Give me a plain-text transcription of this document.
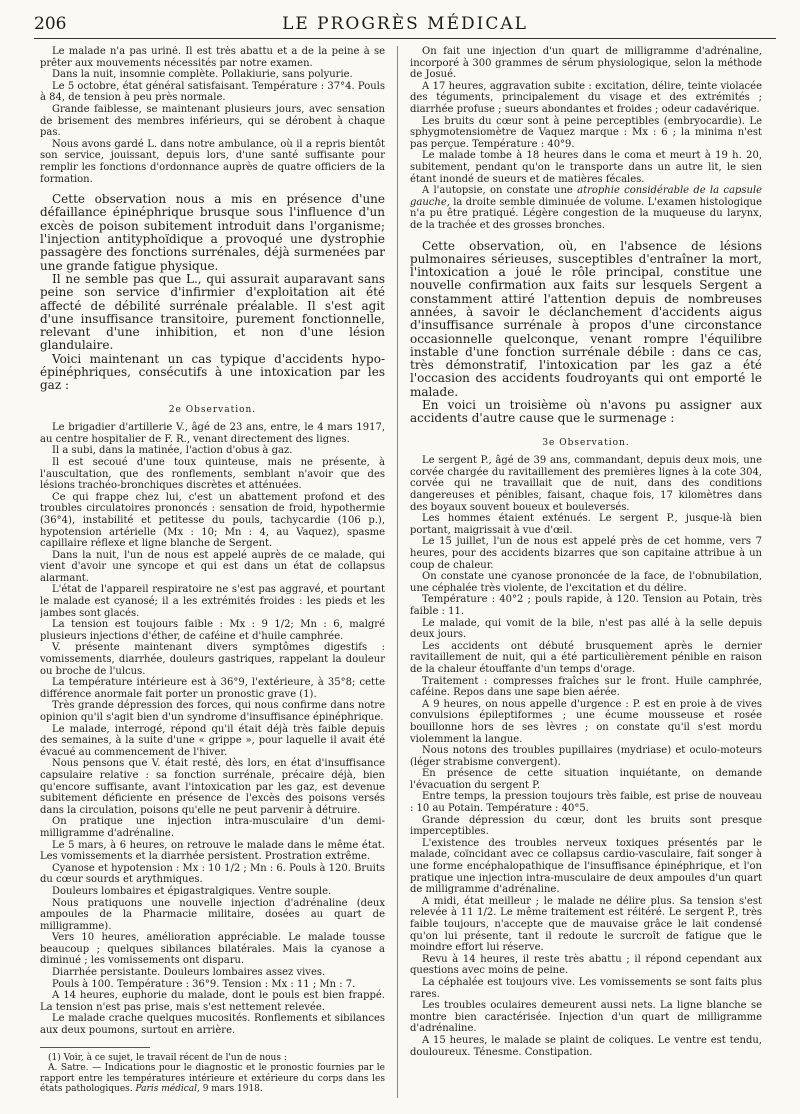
206	LE PROGRÈS MÉDICAL

Le malade n'a pas uriné. Il est très abattu et a de la peine à se prêter aux mouvements nécessités par notre examen.

Dans la nuit, insomnie complète. Pollakiurie, sans polyurie.

Le 5 octobre, état général satisfaisant. Température : 37°4. Pouls à 84, de tension à peu près normale.

Grande faiblesse, se maintenant plusieurs jours, avec sensation de brisement des membres inférieurs, qui se dérobent à chaque pas.

Nous avons gardé L. dans notre ambulance, où il a repris bientôt son service, jouissant, depuis lors, d'une santé suffisante pour remplir les fonctions d'ordonnance auprès de quatre officiers de la formation.

Cette observation nous a mis en présence d'une défaillance épinéphrique brusque sous l'influence d'un excès de poison subitement introduit dans l'organisme; l'injection antityphoïdique a provoqué une dystrophie passagère des fonctions surrénales, déjà surmenées par une grande fatigue physique.

Il ne semble pas que L., qui assurait auparavant sans peine son service d'infirmier d'exploitation ait été affecté de débilité surrénale préalable. Il s'est agit d'une insuffisance transitoire, purement fonctionnelle, relevant d'une inhibition, et non d'une lésion glandulaire.

Voici maintenant un cas typique d'accidents hypo-épinéphriques, consécutifs à une intoxication par les gaz :

2e Observation.

Le brigadier d'artillerie V., âgé de 23 ans, entre, le 4 mars 1917, au centre hospitalier de F. R., venant directement des lignes.

Il a subi, dans la matinée, l'action d'obus à gaz.

Il est secoué d'une toux quinteuse, mais ne présente, à l'auscultation, que des ronflements, semblant n'avoir que des lésions trachéo-bronchiques discrètes et atténuées.

Ce qui frappe chez lui, c'est un abattement profond et des troubles circulatoires prononcés : sensation de froid, hypothermie (36°4), instabilité et petitesse du pouls, tachycardie (106 p.), hypotension artérielle (Mx : 10; Mn : 4, au Vaquez), spasme capillaire réflexe et ligne blanche de Sergent.

Dans la nuit, l'un de nous est appelé auprès de ce malade, qui vient d'avoir une syncope et qui est dans un état de collapsus alarmant.

L'état de l'appareil respiratoire ne s'est pas aggravé, et pourtant le malade est cyanosé; il a les extrémités froides : les pieds et les jambes sont glacés.

La tension est toujours faible : Mx : 9 1/2; Mn : 6, malgré plusieurs injections d'éther, de caféine et d'huile camphrée.

V. présente maintenant divers symptômes digestifs : vomissements, diarrhée, douleurs gastriques, rappelant la douleur ou broche de l'ulcus.

La température intérieure est à 36°9, l'extérieure, à 35°8; cette différence anormale fait porter un pronostic grave (1).

Très grande dépression des forces, qui nous confirme dans notre opinion qu'il s'agit bien d'un syndrome d'insuffisance épinéphrique.

Le malade, interrogé, répond qu'il était déjà très faible depuis des semaines, à la suite d'une « grippe », pour laquelle il avait été évacué au commencement de l'hiver.

Nous pensons que V. était resté, dès lors, en état d'insuffisance capsulaire relative : sa fonction surrénale, précaire déjà, bien qu'encore suffisante, avant l'intoxication par les gaz, est devenue subitement déficiente en présence de l'excès des poisons versés dans la circulation, poisons qu'elle ne peut parvenir à détruire.

On pratique une injection intra-musculaire d'un demi-milligramme d'adrénaline.

Le 5 mars, à 6 heures, on retrouve le malade dans le même état. Les vomissements et la diarrhée persistent. Prostration extrême.

Cyanose et hypotension : Mx : 10 1/2 ; Mn : 6. Pouls à 120. Bruits du cœur sourds et arythmiques.

Douleurs lombaires et épigastralgiques. Ventre souple.

Nous pratiquons une nouvelle injection d'adrénaline (deux ampoules de la Pharmacie militaire, dosées au quart de milligramme).

Vers 10 heures, amélioration appréciable. Le malade tousse beaucoup ; quelques sibilances bilatérales. Mais la cyanose a diminué ; les vomissements ont disparu.

Diarrhée persistante. Douleurs lombaires assez vives.

Pouls à 100. Température : 36°9. Tension : Mx : 11 ; Mn : 7.

A 14 heures, euphorie du malade, dont le pouls est bien frappé. La tension n'est pas prise, mais s'est nettement relevée.

Le malade crache quelques mucosités. Ronflements et sibilances aux deux poumons, surtout en arrière.

(1) Voir, à ce sujet, le travail récent de l'un de nous :

A. Satre. — Indications pour le diagnostic et le pronostic fournies par le rapport entre les températures intérieure et extérieure du corps dans les états pathologiques. Paris médical, 9 mars 1918.

On fait une injection d'un quart de milligramme d'adrénaline, incorporé à 300 grammes de sérum physiologique, selon la méthode de Josué.

A 17 heures, aggravation subite : excitation, délire, teinte violacée des téguments, principalement du visage et des extrémités ; diarrhée profuse ; sueurs abondantes et froides ; odeur cadavérique.

Les bruits du cœur sont à peine perceptibles (embryocardie). Le sphygmotensiomètre de Vaquez marque : Mx : 6 ; la minima n'est pas perçue. Température : 40°9.

Le malade tombe à 18 heures dans le coma et meurt à 19 h. 20, subitement, pendant qu'on le transporte dans un autre lit, le sien étant inondé de sueurs et de matières fécales.

A l'autopsie, on constate une atrophie considérable de la capsule gauche, la droite semble diminuée de volume. L'examen histologique n'a pu être pratiqué. Légère congestion de la muqueuse du larynx, de la trachée et des grosses bronches.

Cette observation, où, en l'absence de lésions pulmonaires sérieuses, susceptibles d'entraîner la mort, l'intoxication a joué le rôle principal, constitue une nouvelle confirmation aux faits sur lesquels Sergent a constamment attiré l'attention depuis de nombreuses années, à savoir le déclanchement d'accidents aigus d'insuffisance surrénale à propos d'une circonstance occasionnelle quelconque, venant rompre l'équilibre instable d'une fonction surrénale débile : dans ce cas, très démonstratif, l'intoxication par les gaz a été l'occasion des accidents foudroyants qui ont emporté le malade.

En voici un troisième où n'avons pu assigner aux accidents d'autre cause que le surmenage :

3e Observation.

Le sergent P., âgé de 39 ans, commandant, depuis deux mois, une corvée chargée du ravitaillement des premières lignes à la cote 304, corvée qui ne travaillait que de nuit, dans des conditions dangereuses et pénibles, faisant, chaque fois, 17 kilomètres dans des boyaux souvent boueux et bouleversés.

Les hommes étaient exténués. Le sergent P., jusque-là bien portant, maigrissait à vue d'œil.

Le 15 juillet, l'un de nous est appelé près de cet homme, vers 7 heures, pour des accidents bizarres que son capitaine attribue à un coup de chaleur.

On constate une cyanose prononcée de la face, de l'obnubilation, une céphalée très violente, de l'excitation et du délire.

Température : 40°2 ; pouls rapide, à 120. Tension au Potain, très faible : 11.

Le malade, qui vomit de la bile, n'est pas allé à la selle depuis deux jours.

Les accidents ont débuté brusquement après le dernier ravitaillement de nuit, qui a été particulièrement pénible en raison de la chaleur étouffante d'un temps d'orage.

Traitement : compresses fraîches sur le front. Huile camphrée, caféine. Repos dans une sape bien aérée.

A 9 heures, on nous appelle d'urgence : P. est en proie à de vives convulsions épileptiformes ; une écume mousseuse et rosée bouillonne hors de ses lèvres ; on constate qu'il s'est mordu violemment la langue.

Nous notons des troubles pupillaires (mydriase) et oculo-moteurs (léger strabisme convergent).

En présence de cette situation inquiétante, on demande l'évacuation du sergent P.

Entre temps, la pression toujours très faible, est prise de nouveau : 10 au Potain. Température : 40°5.

Grande dépression du cœur, dont les bruits sont presque imperceptibles.

L'existence des troubles nerveux toxiques présentés par le malade, coïncidant avec ce collapsus cardio-vasculaire, fait songer à une forme encéphalopathique de l'insuffisance épinéphrique, et l'on pratique une injection intra-musculaire de deux ampoules d'un quart de milligramme d'adrénaline.

A midi, état meilleur ; le malade ne délire plus. Sa tension s'est relevée à 11 1/2. Le même traitement est réitéré. Le sergent P., très faible toujours, n'accepte que de mauvaise grâce le lait condensé qu'on lui présente, tant il redoute le surcroît de fatigue que le moindre effort lui réserve.

Revu à 14 heures, il reste très abattu ; il répond cependant aux questions avec moins de peine.

La céphalée est toujours vive. Les vomissements se sont faits plus rares.

Les troubles oculaires demeurent aussi nets. La ligne blanche se montre bien caractérisée. Injection d'un quart de milligramme d'adrénaline.

A 15 heures, le malade se plaint de coliques. Le ventre est tendu, douloureux. Ténesme. Constipation.
